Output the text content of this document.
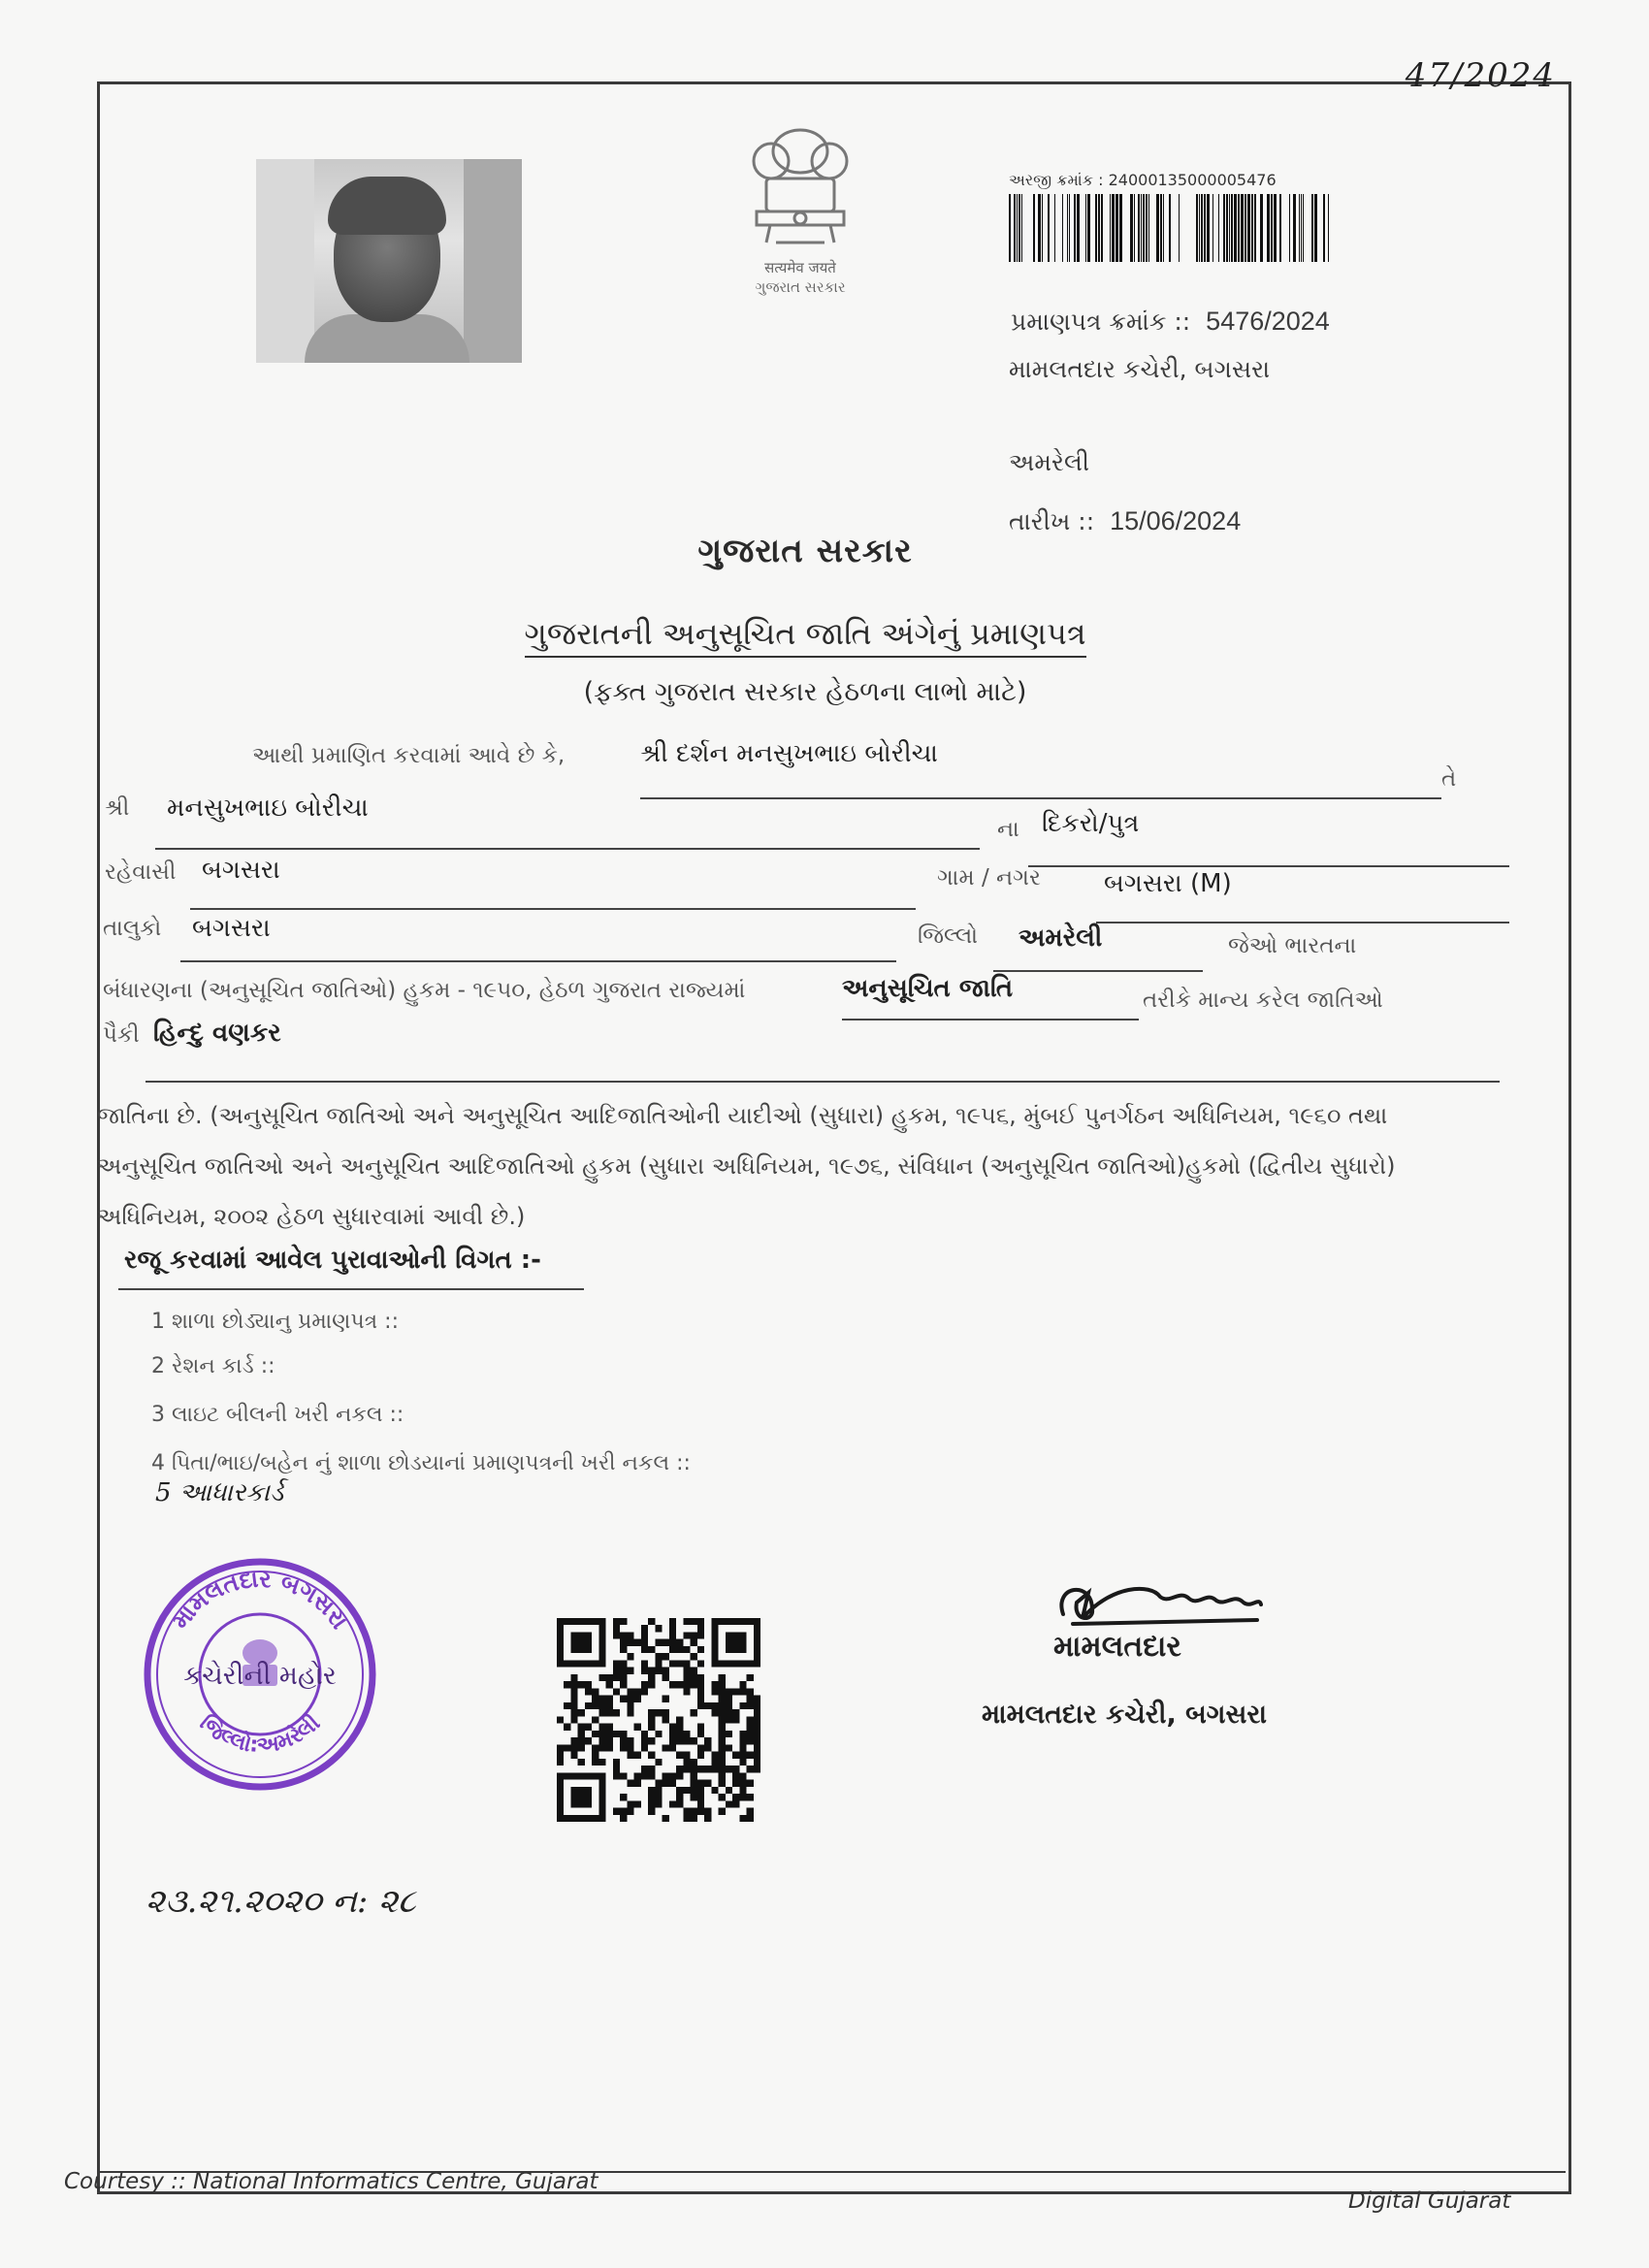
47/2024
सत्यमेव जयते
ગુજરાત સરકાર
અરજી ક્રમાંક : 24000135000005476
પ્રમાણપત્ર ક્રમાંક :: 5476/2024
મામલતદાર કચેરી, બગસરા
અમરેલી
તારીખ :: 15/06/2024
ગુજરાત સરકાર
ગુજરાતની અનુસૂચિત જાતિ અંગેનું પ્રમાણપત્ર
(ફક્ત ગુજરાત સરકાર હેઠળના લાભો માટે)
આથી પ્રમાણિત કરવામાં આવે છે કે,	શ્રી દર્શન મનસુખભાઇ બોરીચા
તે
શ્રી મનસુખભાઇ બોરીચા
ના દિકરો/પુત્ર
રહેવાસી બગસરા	ગામ / નગર	બગસરા (M)
તાલુકો બગસરા	જિલ્લો અમરેલી	જેઓ ભારતના
બંધારણના (અનુસૂચિત જાતિઓ) હુકમ - ૧૯૫૦, હેઠળ ગુજરાત રાજ્યમાં	અનુસૂચિત જાતિ	તરીકે માન્ય કરેલ જાતિઓ
પૈકી હિન્દુ વણકર
જાતિના છે. (અનુસૂચિત જાતિઓ અને અનુસૂચિત આદિજાતિઓની યાદીઓ (સુધારા) હુકમ, ૧૯૫૬, મુંબઈ પુનર્ગઠન અધિનિયમ, ૧૯૬૦ તથા
અનુસૂચિત જાતિઓ અને અનુસૂચિત આદિજાતિઓ હુકમ (સુધારા અધિનિયમ, ૧૯૭૬, સંવિધાન (અનુસૂચિત જાતિઓ)હુકમો (દ્વિતીય સુધારો)
અધિનિયમ, ૨૦૦૨ હેઠળ સુધારવામાં આવી છે.)
રજૂ કરવામાં આવેલ પુરાવાઓની વિગત :-
1 શાળા છોડ્યાનુ પ્રમાણપત્ર ::
2 રેશન કાર્ડ ::
3 લાઇટ બીલની ખરી નકલ ::
4 પિતા/ભાઇ/બહેન નું શાળા છોડયાનાં પ્રમાણપત્રની ખરી નકલ ::
5 આધારકાર્ડ
મામલતદાર બગસરા
જિલ્લો:અમરેલી
કચેરીની મહોર
મામલતદાર
મામલતદાર કચેરી, બગસરા
૨૩.૨૧.૨૦૨૦ ન: ૨૮
Courtesy :: National Informatics Centre, Gujarat
Digital Gujarat
